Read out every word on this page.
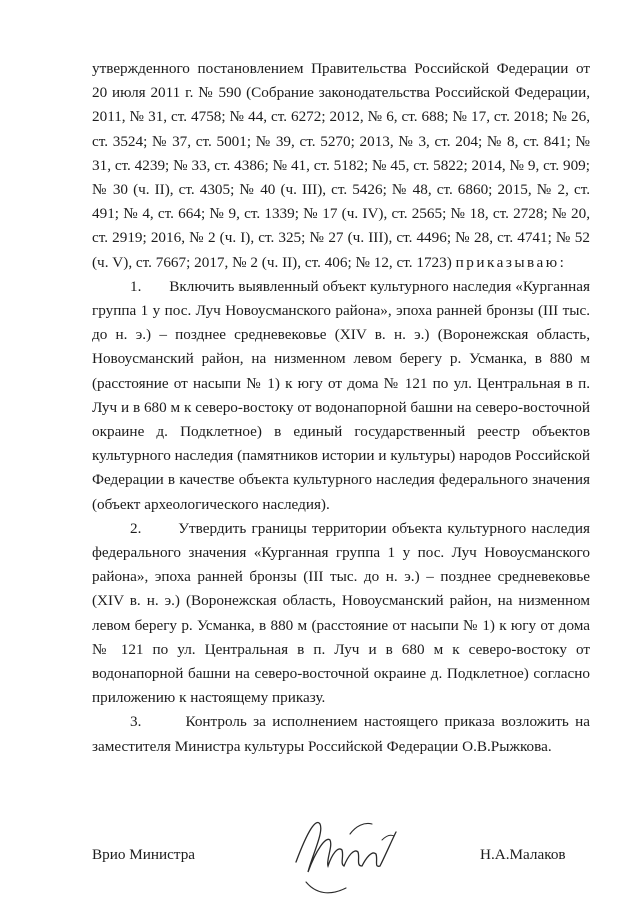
утвержденного постановлением Правительства Российской Федерации от 20 июля 2011 г. № 590 (Собрание законодательства Российской Федерации, 2011, № 31, ст. 4758; № 44, ст. 6272; 2012, № 6, ст. 688; № 17, ст. 2018; № 26, ст. 3524; № 37, ст. 5001; № 39, ст. 5270; 2013, № 3, ст. 204; № 8, ст. 841; № 31, ст. 4239; № 33, ст. 4386; № 41, ст. 5182; № 45, ст. 5822; 2014, № 9, ст. 909; № 30 (ч. II), ст. 4305; № 40 (ч. III), ст. 5426; № 48, ст. 6860; 2015, № 2, ст. 491; № 4, ст. 664; № 9, ст. 1339; № 17 (ч. IV), ст. 2565; № 18, ст. 2728; № 20, ст. 2919; 2016, № 2 (ч. I), ст. 325; № 27 (ч. III), ст. 4496; № 28, ст. 4741; № 52 (ч. V), ст. 7667; 2017, № 2 (ч. II), ст. 406; № 12, ст. 1723) приказываю:

1. Включить выявленный объект культурного наследия «Курганная группа 1 у пос. Луч Новоусманского района», эпоха ранней бронзы (III тыс. до н. э.) – позднее средневековье (XIV в. н. э.) (Воронежская область, Новоусманский район, на низменном левом берегу р. Усманка, в 880 м (расстояние от насыпи № 1) к югу от дома № 121 по ул. Центральная в п. Луч и в 680 м к северо-востоку от водонапорной башни на северо-восточной окраине д. Подклетное) в единый государственный реестр объектов культурного наследия (памятников истории и культуры) народов Российской Федерации в качестве объекта культурного наследия федерального значения (объект археологического наследия).

2. Утвердить границы территории объекта культурного наследия федерального значения «Курганная группа 1 у пос. Луч Новоусманского района», эпоха ранней бронзы (III тыс. до н. э.) – позднее средневековье (XIV в. н. э.) (Воронежская область, Новоусманский район, на низменном левом берегу р. Усманка, в 880 м (расстояние от насыпи № 1) к югу от дома № 121 по ул. Центральная в п. Луч и в 680 м к северо-востоку от водонапорной башни на северо-восточной окраине д. Подклетное) согласно приложению к настоящему приказу.

3.	Контроль за исполнением настоящего приказа возложить на заместителя Министра культуры Российской Федерации О.В.Рыжкова.

Врио Министра	Н.А.Малаков
